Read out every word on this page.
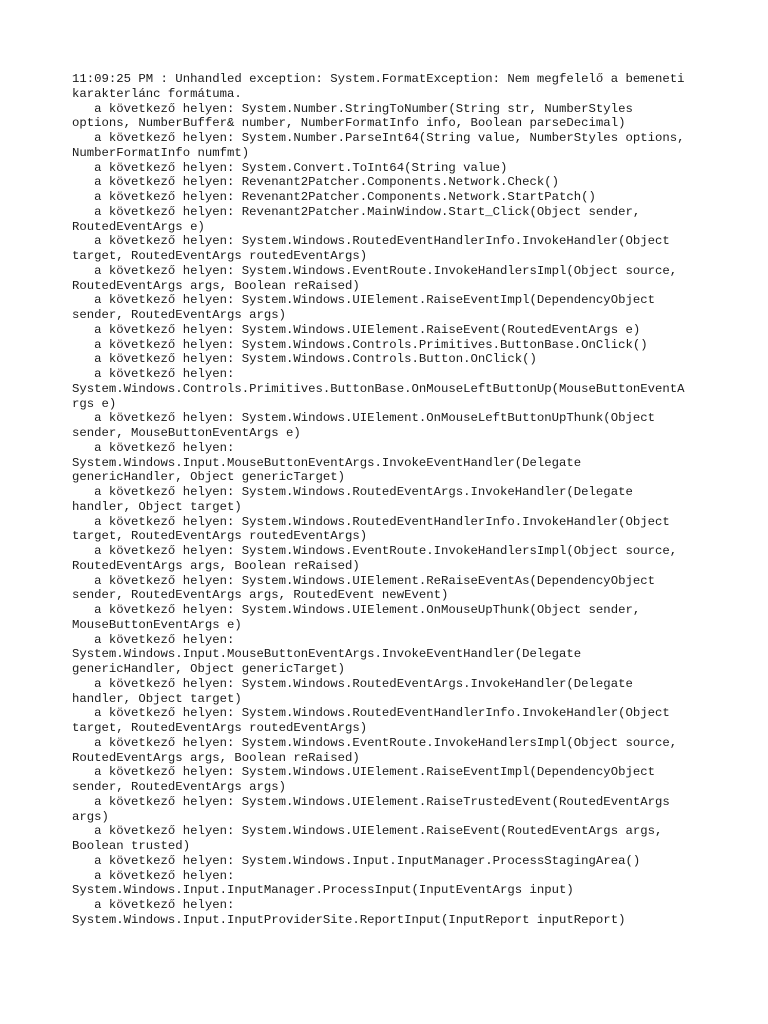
11:09:25 PM : Unhandled exception: System.FormatException: Nem megfelelő a bemeneti
karakterlánc formátuma.
a következő helyen: System.Number.StringToNumber(String str, NumberStyles
options, NumberBuffer& number, NumberFormatInfo info, Boolean parseDecimal)
a következő helyen: System.Number.ParseInt64(String value, NumberStyles options,
NumberFormatInfo numfmt)
a következő helyen: System.Convert.ToInt64(String value)
a következő helyen: Revenant2Patcher.Components.Network.Check()
a következő helyen: Revenant2Patcher.Components.Network.StartPatch()
a következő helyen: Revenant2Patcher.MainWindow.Start_Click(Object sender,
RoutedEventArgs e)
a következő helyen: System.Windows.RoutedEventHandlerInfo.InvokeHandler(Object
target, RoutedEventArgs routedEventArgs)
a következő helyen: System.Windows.EventRoute.InvokeHandlersImpl(Object source,
RoutedEventArgs args, Boolean reRaised)
a következő helyen: System.Windows.UIElement.RaiseEventImpl(DependencyObject
sender, RoutedEventArgs args)
a következő helyen: System.Windows.UIElement.RaiseEvent(RoutedEventArgs e)
a következő helyen: System.Windows.Controls.Primitives.ButtonBase.OnClick()
a következő helyen: System.Windows.Controls.Button.OnClick()
a következő helyen:
System.Windows.Controls.Primitives.ButtonBase.OnMouseLeftButtonUp(MouseButtonEventA
rgs e)
a következő helyen: System.Windows.UIElement.OnMouseLeftButtonUpThunk(Object
sender, MouseButtonEventArgs e)
a következő helyen:
System.Windows.Input.MouseButtonEventArgs.InvokeEventHandler(Delegate
genericHandler, Object genericTarget)
a következő helyen: System.Windows.RoutedEventArgs.InvokeHandler(Delegate
handler, Object target)
a következő helyen: System.Windows.RoutedEventHandlerInfo.InvokeHandler(Object
target, RoutedEventArgs routedEventArgs)
a következő helyen: System.Windows.EventRoute.InvokeHandlersImpl(Object source,
RoutedEventArgs args, Boolean reRaised)
a következő helyen: System.Windows.UIElement.ReRaiseEventAs(DependencyObject
sender, RoutedEventArgs args, RoutedEvent newEvent)
a következő helyen: System.Windows.UIElement.OnMouseUpThunk(Object sender,
MouseButtonEventArgs e)
a következő helyen:
System.Windows.Input.MouseButtonEventArgs.InvokeEventHandler(Delegate
genericHandler, Object genericTarget)
a következő helyen: System.Windows.RoutedEventArgs.InvokeHandler(Delegate
handler, Object target)
a következő helyen: System.Windows.RoutedEventHandlerInfo.InvokeHandler(Object
target, RoutedEventArgs routedEventArgs)
a következő helyen: System.Windows.EventRoute.InvokeHandlersImpl(Object source,
RoutedEventArgs args, Boolean reRaised)
a következő helyen: System.Windows.UIElement.RaiseEventImpl(DependencyObject
sender, RoutedEventArgs args)
a következő helyen: System.Windows.UIElement.RaiseTrustedEvent(RoutedEventArgs
args)
a következő helyen: System.Windows.UIElement.RaiseEvent(RoutedEventArgs args,
Boolean trusted)
a következő helyen: System.Windows.Input.InputManager.ProcessStagingArea()
a következő helyen:
System.Windows.Input.InputManager.ProcessInput(InputEventArgs input)
a következő helyen:
System.Windows.Input.InputProviderSite.ReportInput(InputReport inputReport)
